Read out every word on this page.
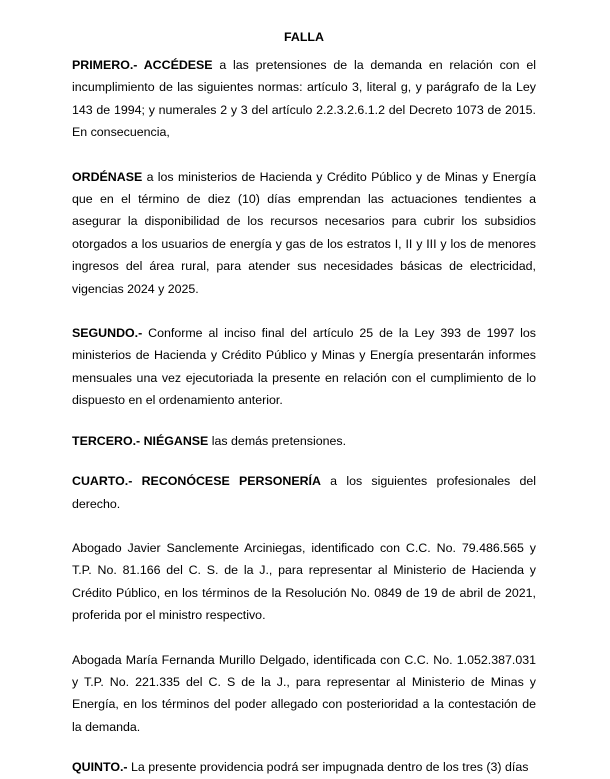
FALLA

PRIMERO.- ACCÉDESE a las pretensiones de la demanda en relación con el incumplimiento de las siguientes normas: artículo 3, literal g, y parágrafo de la Ley 143 de 1994; y numerales 2 y 3 del artículo 2.2.3.2.6.1.2 del Decreto 1073 de 2015. En consecuencia,

ORDÉNASE a los ministerios de Hacienda y Crédito Público y de Minas y Energía que en el término de diez (10) días emprendan las actuaciones tendientes a asegurar la disponibilidad de los recursos necesarios para cubrir los subsidios otorgados a los usuarios de energía y gas de los estratos I, II y III y los de menores ingresos del área rural, para atender sus necesidades básicas de electricidad, vigencias 2024 y 2025.

SEGUNDO.- Conforme al inciso final del artículo 25 de la Ley 393 de 1997 los ministerios de Hacienda y Crédito Público y Minas y Energía presentarán informes mensuales una vez ejecutoriada la presente en relación con el cumplimiento de lo dispuesto en el ordenamiento anterior.

TERCERO.- NIÉGANSE las demás pretensiones.

CUARTO.- RECONÓCESE PERSONERÍA a los siguientes profesionales del derecho.

Abogado Javier Sanclemente Arciniegas, identificado con C.C. No. 79.486.565 y T.P. No. 81.166 del C. S. de la J., para representar al Ministerio de Hacienda y Crédito Público, en los términos de la Resolución No. 0849 de 19 de abril de 2021, proferida por el ministro respectivo.

Abogada María Fernanda Murillo Delgado, identificada con C.C. No. 1.052.387.031 y T.P. No. 221.335 del C. S de la J., para representar al Ministerio de Minas y Energía, en los términos del poder allegado con posterioridad a la contestación de la demanda.

QUINTO.- La presente providencia podrá ser impugnada dentro de los tres (3) días
